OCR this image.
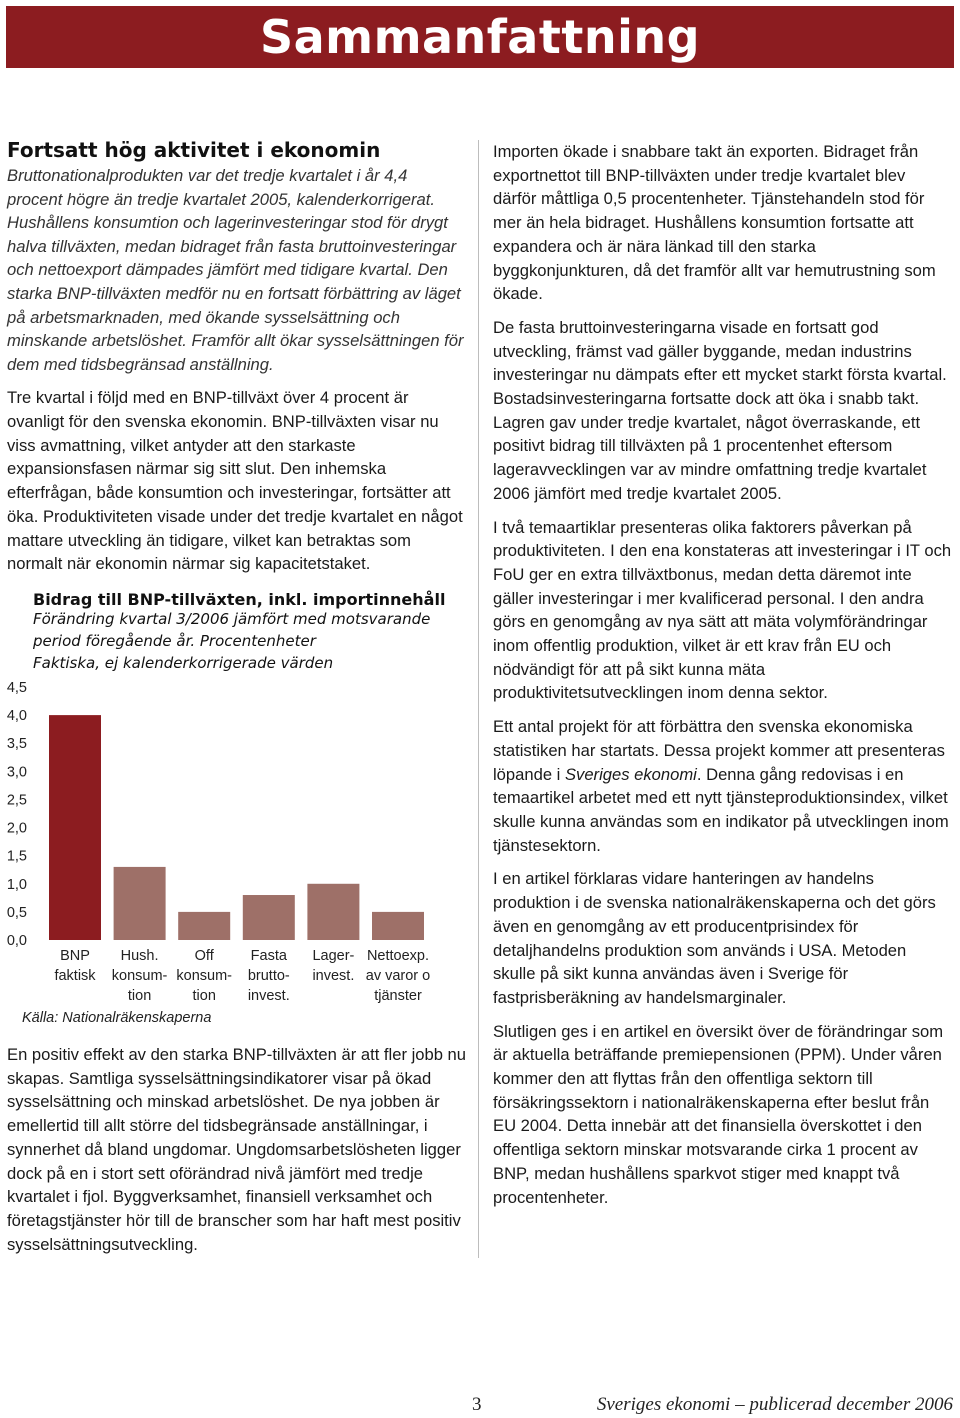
Sammanfattning
Fortsatt hög aktivitet i ekonomin

Bruttonationalprodukten var det tredje kvartalet i år 4,4 procent högre än tredje kvartalet 2005, kalenderkorrigerat. Hushållens konsumtion och lagerinvesteringar stod för drygt halva tillväxten, medan bidraget från fasta bruttoinvesteringar och nettoexport dämpades jämfört med tidigare kvartal. Den starka BNP-tillväxten medför nu en fortsatt förbättring av läget på arbetsmarknaden, med ökande sysselsättning och minskande arbetslöshet. Framför allt ökar sysselsättningen för dem med tidsbegränsad anställning.

Tre kvartal i följd med en BNP-tillväxt över 4 procent är ovanligt för den svenska ekonomin. BNP-tillväxten visar nu viss avmattning, vilket antyder att den starkaste expansionsfasen närmar sig sitt slut. Den inhemska efterfrågan, både konsumtion och investeringar, fortsätter att öka. Produktiviteten visade under det tredje kvartalet en något mattare utveckling än tidigare, vilket kan betraktas som normalt när ekonomin närmar sig kapacitetstaket.

Bidrag till BNP-tillväxten, inkl. importinnehåll
Förändring kvartal 3/2006 jämfört med motsvarande
period föregående år. Procentenheter
Faktiska, ej kalenderkorrigerade värden
0,0
0,5
1,0
1,5
2,0
2,5
3,0
3,5
4,0
4,5
BNP
faktisk
Hush.
konsum-
tion
Off
konsum-
tion
Fasta
brutto-
invest.
Lager-
invest.
Nettoexp.
av varor o
tjänster
Källa: Nationalräkenskaperna

En positiv effekt av den starka BNP-tillväxten är att fler jobb nu skapas. Samtliga sysselsättningsindikatorer visar på ökad sysselsättning och minskad arbetslöshet. De nya jobben är emellertid till allt större del tidsbegränsade anställningar, i synnerhet då bland ungdomar. Ungdomsarbetslösheten ligger dock på en i stort sett oförändrad nivå jämfört med tredje kvartalet i fjol. Byggverksamhet, finansiell verksamhet och företagstjänster hör till de branscher som har haft mest positiv sysselsättningsutveckling.

Importen ökade i snabbare takt än exporten. Bidraget från exportnettot till BNP-tillväxten under tredje kvartalet blev därför måttliga 0,5 procentenheter. Tjänstehandeln stod för mer än hela bidraget. Hushållens konsumtion fortsatte att expandera och är nära länkad till den starka byggkonjunkturen, då det framför allt var hemutrustning som ökade.

De fasta bruttoinvesteringarna visade en fortsatt god utveckling, främst vad gäller byggande, medan industrins investeringar nu dämpats efter ett mycket starkt första kvartal. Bostadsinvesteringarna fortsatte dock att öka i snabb takt. Lagren gav under tredje kvartalet, något överraskande, ett positivt bidrag till tillväxten på 1 procentenhet eftersom lageravvecklingen var av mindre omfattning tredje kvartalet 2006 jämfört med tredje kvartalet 2005.

I två temaartiklar presenteras olika faktorers påverkan på produktiviteten. I den ena konstateras att investeringar i IT och FoU ger en extra tillväxtbonus, medan detta däremot inte gäller investeringar i mer kvalificerad personal. I den andra görs en genomgång av nya sätt att mäta volymförändringar inom offentlig produktion, vilket är ett krav från EU och nödvändigt för att på sikt kunna mäta produktivitetsutvecklingen inom denna sektor.

Ett antal projekt för att förbättra den svenska ekonomiska statistiken har startats. Dessa projekt kommer att presenteras löpande i Sveriges ekonomi. Denna gång redovisas i en temaartikel arbetet med ett nytt tjänsteproduktionsindex, vilket skulle kunna användas som en indikator på utvecklingen inom tjänstesektorn.

I en artikel förklaras vidare hanteringen av handelns produktion i de svenska nationalräkenskaperna och det görs även en genomgång av ett producentprisindex för detaljhandelns produktion som används i USA. Metoden skulle på sikt kunna användas även i Sverige för fastprisberäkning av handelsmarginaler.

Slutligen ges i en artikel en översikt över de förändringar som är aktuella beträffande premiepensionen (PPM). Under våren kommer den att flyttas från den offentliga sektorn till försäkringssektorn i nationalräkenskaperna efter beslut från EU 2004. Detta innebär att det finansiella överskottet i den offentliga sektorn minskar motsvarande cirka 1 procent av BNP, medan hushållens sparkvot stiger med knappt två procentenheter.

3	Sveriges ekonomi – publicerad december 2006
